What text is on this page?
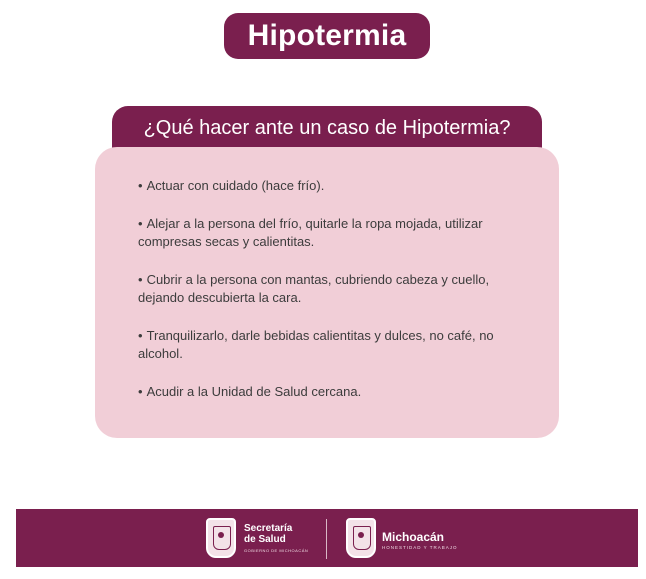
Hipotermia
¿Qué hacer ante un caso de Hipotermia?
• Actuar con cuidado (hace frío).
• Alejar a la persona del frío, quitarle la ropa mojada, utilizar compresas secas y calientitas.
• Cubrir a la persona con mantas, cubriendo cabeza y cuello, dejando descubierta la cara.
• Tranquilizarlo, darle bebidas calientitas y dulces, no café, no alcohol.
• Acudir a la Unidad de Salud cercana.
Secretaría
de Salud
GOBIERNO DE MICHOACÁN
Michoacán
HONESTIDAD Y TRABAJO
